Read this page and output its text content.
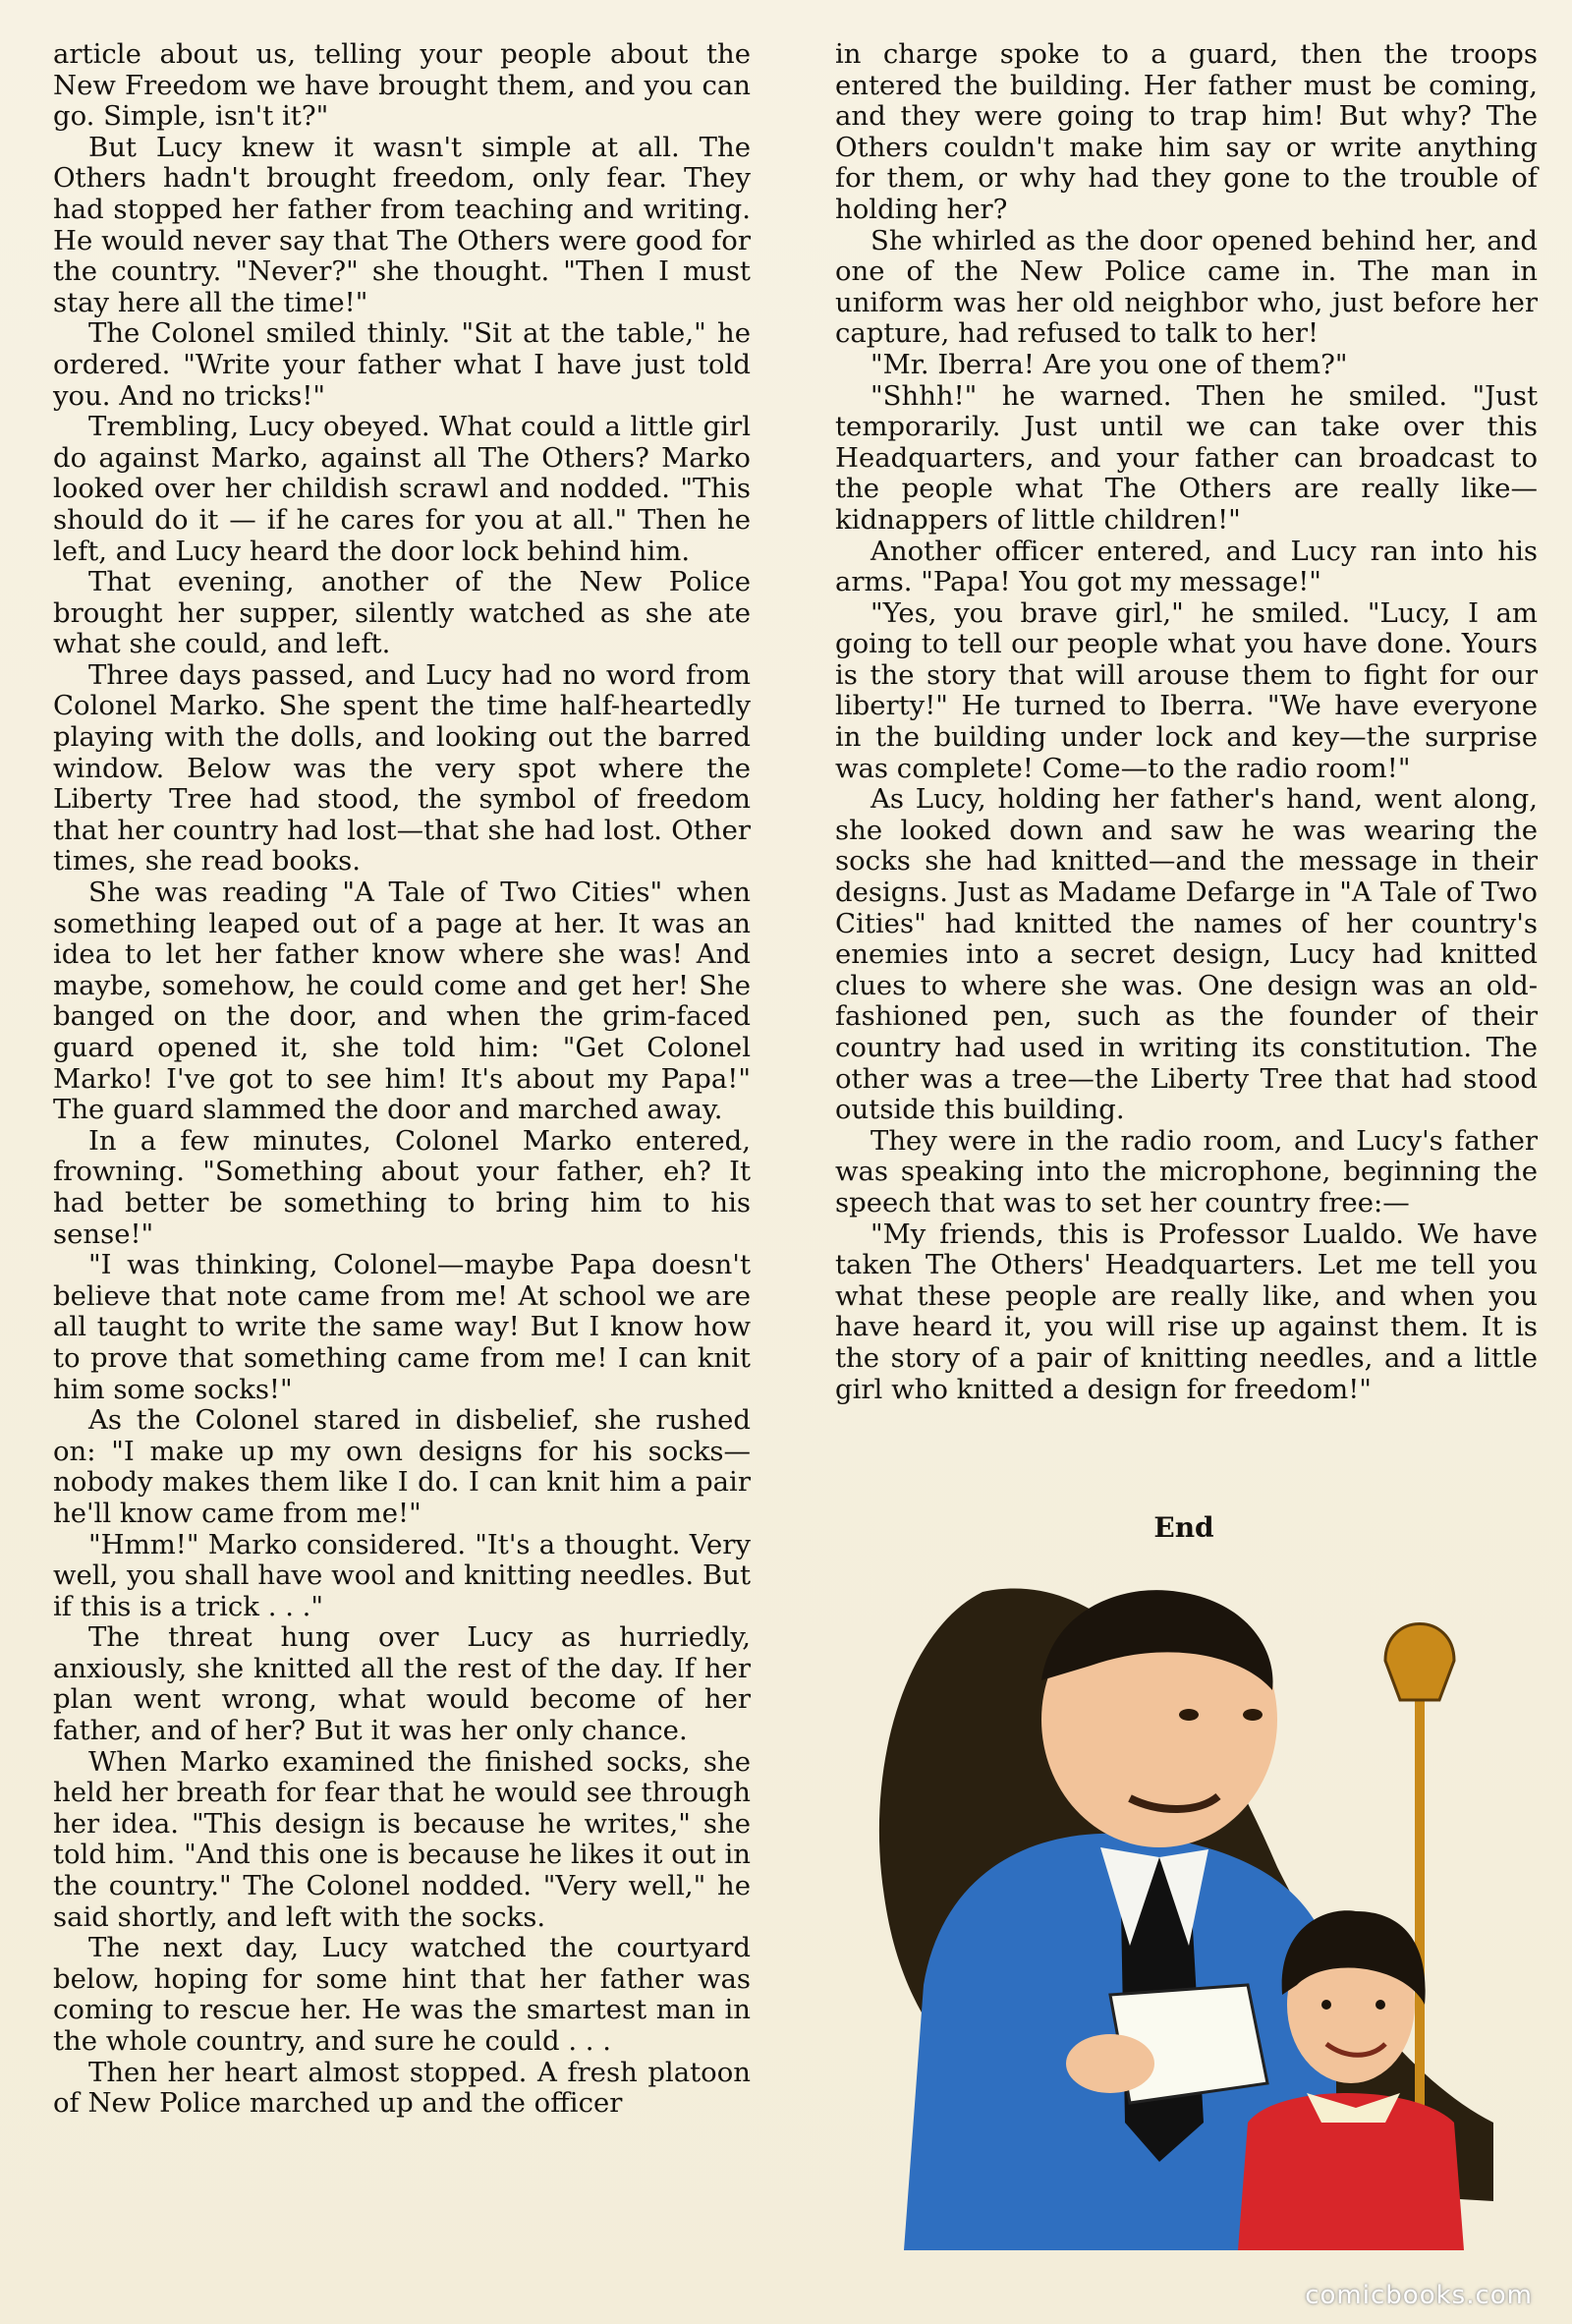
article about us, telling your people about the New Freedom we have brought them, and you can go. Simple, isn't it?"

But Lucy knew it wasn't simple at all. The Others hadn't brought freedom, only fear. They had stopped her father from teaching and writing. He would never say that The Others were good for the country. "Never?" she thought. "Then I must stay here all the time!"

The Colonel smiled thinly. "Sit at the table," he ordered. "Write your father what I have just told you. And no tricks!"

Trembling, Lucy obeyed. What could a little girl do against Marko, against all The Others? Marko looked over her childish scrawl and nodded. "This should do it — if he cares for you at all." Then he left, and Lucy heard the door lock behind him.

That evening, another of the New Police brought her supper, silently watched as she ate what she could, and left.

Three days passed, and Lucy had no word from Colonel Marko. She spent the time half-heartedly playing with the dolls, and looking out the barred window. Below was the very spot where the Liberty Tree had stood, the symbol of freedom that her country had lost—that she had lost. Other times, she read books.

She was reading "A Tale of Two Cities" when something leaped out of a page at her. It was an idea to let her father know where she was! And maybe, somehow, he could come and get her! She banged on the door, and when the grim-faced guard opened it, she told him: "Get Colonel Marko! I've got to see him! It's about my Papa!" The guard slammed the door and marched away.

In a few minutes, Colonel Marko entered, frowning. "Something about your father, eh? It had better be something to bring him to his sense!"

"I was thinking, Colonel—maybe Papa doesn't believe that note came from me! At school we are all taught to write the same way! But I know how to prove that something came from me! I can knit him some socks!"

As the Colonel stared in disbelief, she rushed on: "I make up my own designs for his socks—nobody makes them like I do. I can knit him a pair he'll know came from me!"

"Hmm!" Marko considered. "It's a thought. Very well, you shall have wool and knitting needles. But if this is a trick . . ."

The threat hung over Lucy as hurriedly, anxiously, she knitted all the rest of the day. If her plan went wrong, what would become of her father, and of her? But it was her only chance.

When Marko examined the finished socks, she held her breath for fear that he would see through her idea. "This design is because he writes," she told him. "And this one is because he likes it out in the country." The Colonel nodded. "Very well," he said shortly, and left with the socks.

The next day, Lucy watched the courtyard below, hoping for some hint that her father was coming to rescue her. He was the smartest man in the whole country, and sure he could . . .

Then her heart almost stopped. A fresh platoon of New Police marched up and the officer

in charge spoke to a guard, then the troops entered the building. Her father must be coming, and they were going to trap him! But why? The Others couldn't make him say or write anything for them, or why had they gone to the trouble of holding her?

She whirled as the door opened behind her, and one of the New Police came in. The man in uniform was her old neighbor who, just before her capture, had refused to talk to her!

"Mr. Iberra! Are you one of them?"

"Shhh!" he warned. Then he smiled. "Just temporarily. Just until we can take over this Headquarters, and your father can broadcast to the people what The Others are really like—kidnappers of little children!"

Another officer entered, and Lucy ran into his arms. "Papa! You got my message!"

"Yes, you brave girl," he smiled. "Lucy, I am going to tell our people what you have done. Yours is the story that will arouse them to fight for our liberty!" He turned to Iberra. "We have everyone in the building under lock and key—the surprise was complete! Come—to the radio room!"

As Lucy, holding her father's hand, went along, she looked down and saw he was wearing the socks she had knitted—and the message in their designs. Just as Madame Defarge in "A Tale of Two Cities" had knitted the names of her country's enemies into a secret design, Lucy had knitted clues to where she was. One design was an old-fashioned pen, such as the founder of their country had used in writing its constitution. The other was a tree—the Liberty Tree that had stood outside this building.

They were in the radio room, and Lucy's father was speaking into the microphone, beginning the speech that was to set her country free:—

"My friends, this is Professor Lualdo. We have taken The Others' Headquarters. Let me tell you what these people are really like, and when you have heard it, you will rise up against them. It is the story of a pair of knitting needles, and a little girl who knitted a design for freedom!"

End
comicbooks.com
